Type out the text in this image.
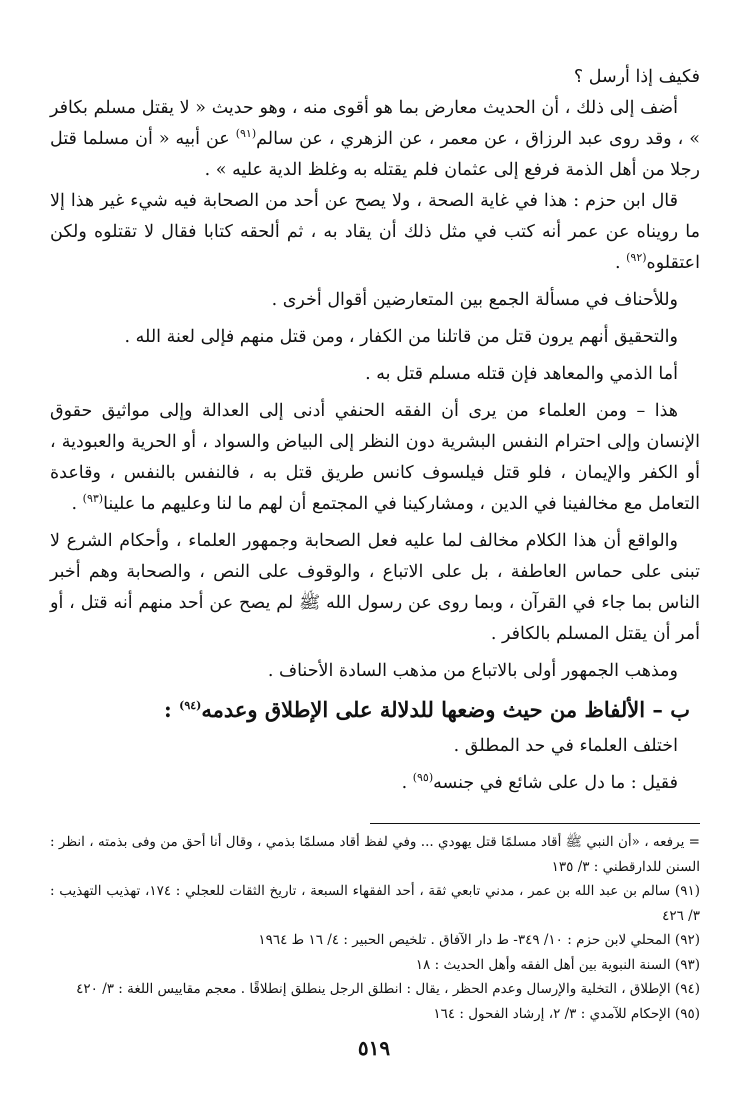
فكيف إذا أرسل ؟

أضف إلى ذلك ، أن الحديث معارض بما هو أقوى منه ، وهو حديث « لا يقتل مسلم بكافر » ، وقد روى عبد الرزاق ، عن معمر ، عن الزهري ، عن سالم$^{(٩١)}$ عن أبيه « أن مسلما قتل رجلا من أهل الذمة فرفع إلى عثمان فلم يقتله به وغلظ الدية عليه » .

قال ابن حزم : هذا في غاية الصحة ، ولا يصح عن أحد من الصحابة فيه شيء غير هذا إلا ما رويناه عن عمر أنه كتب في مثل ذلك أن يقاد به ، ثم ألحقه كتابا فقال لا تقتلوه ولكن اعتقلوه$^{(٩٢)}$ .

وللأحناف في مسألة الجمع بين المتعارضين أقوال أخرى .

والتحقيق أنهم يرون قتل من قاتلنا من الكفار ، ومن قتل منهم فإلى لعنة الله .

أما الذمي والمعاهد فإن قتله مسلم قتل به .

هذا – ومن العلماء من يرى أن الفقه الحنفي أدنى إلى العدالة وإلى مواثيق حقوق الإنسان وإلى احترام النفس البشرية دون النظر إلى البياض والسواد ، أو الحرية والعبودية ، أو الكفر والإيمان ، فلو قتل فيلسوف كانس طريق قتل به ، فالنفس بالنفس ، وقاعدة التعامل مع مخالفينا في الدين ، ومشاركينا في المجتمع أن لهم ما لنا وعليهم ما علينا$^{(٩٣)}$ .

والواقع أن هذا الكلام مخالف لما عليه فعل الصحابة وجمهور العلماء ، وأحكام الشرع لا تبنى على حماس العاطفة ، بل على الاتباع ، والوقوف على النص ، والصحابة وهم أخبر الناس بما جاء في القرآن ، وبما روى عن رسول الله ﷺ لم يصح عن أحد منهم أنه قتل ، أو أمر أن يقتل المسلم بالكافر .

ومذهب الجمهور أولى بالاتباع من مذهب السادة الأحناف .

ب – الألفاظ من حيث وضعها للدلالة على الإطلاق وعدمه$^{(٩٤)}$ :

اختلف العلماء في حد المطلق .

فقيل : ما دل على شائع في جنسه$^{(٩٥)}$ .

= يرفعه ، «أن النبي ﷺ أقاد مسلمًا قتل يهودي ... وفي لفظ أقاد مسلمًا بذمي ، وقال أنا أحق من وفى بذمته ، انظر : السنن للدارقطني : ٣/ ١٣٥

(٩١) سالم بن عبد الله بن عمر ، مدني تابعي ثقة ، أحد الفقهاء السبعة ، تاريخ الثقات للعجلي : ١٧٤، تهذيب التهذيب : ٣/ ٤٢٦

(٩٢) المحلي لابن حزم : ١٠/ ٣٤٩- ط دار الآفاق . تلخيص الحبير : ٤/ ١٦ ط ١٩٦٤

(٩٣) السنة النبوية بين أهل الفقه وأهل الحديث : ١٨

(٩٤) الإطلاق ، التخلية والإرسال وعدم الحظر ، يقال : انطلق الرجل ينطلق إنطلاقًا . معجم مقاييس اللغة : ٣/ ٤٢٠

(٩٥) الإحكام للآمدي : ٣/ ٢، إرشاد الفحول : ١٦٤

٥١٩
